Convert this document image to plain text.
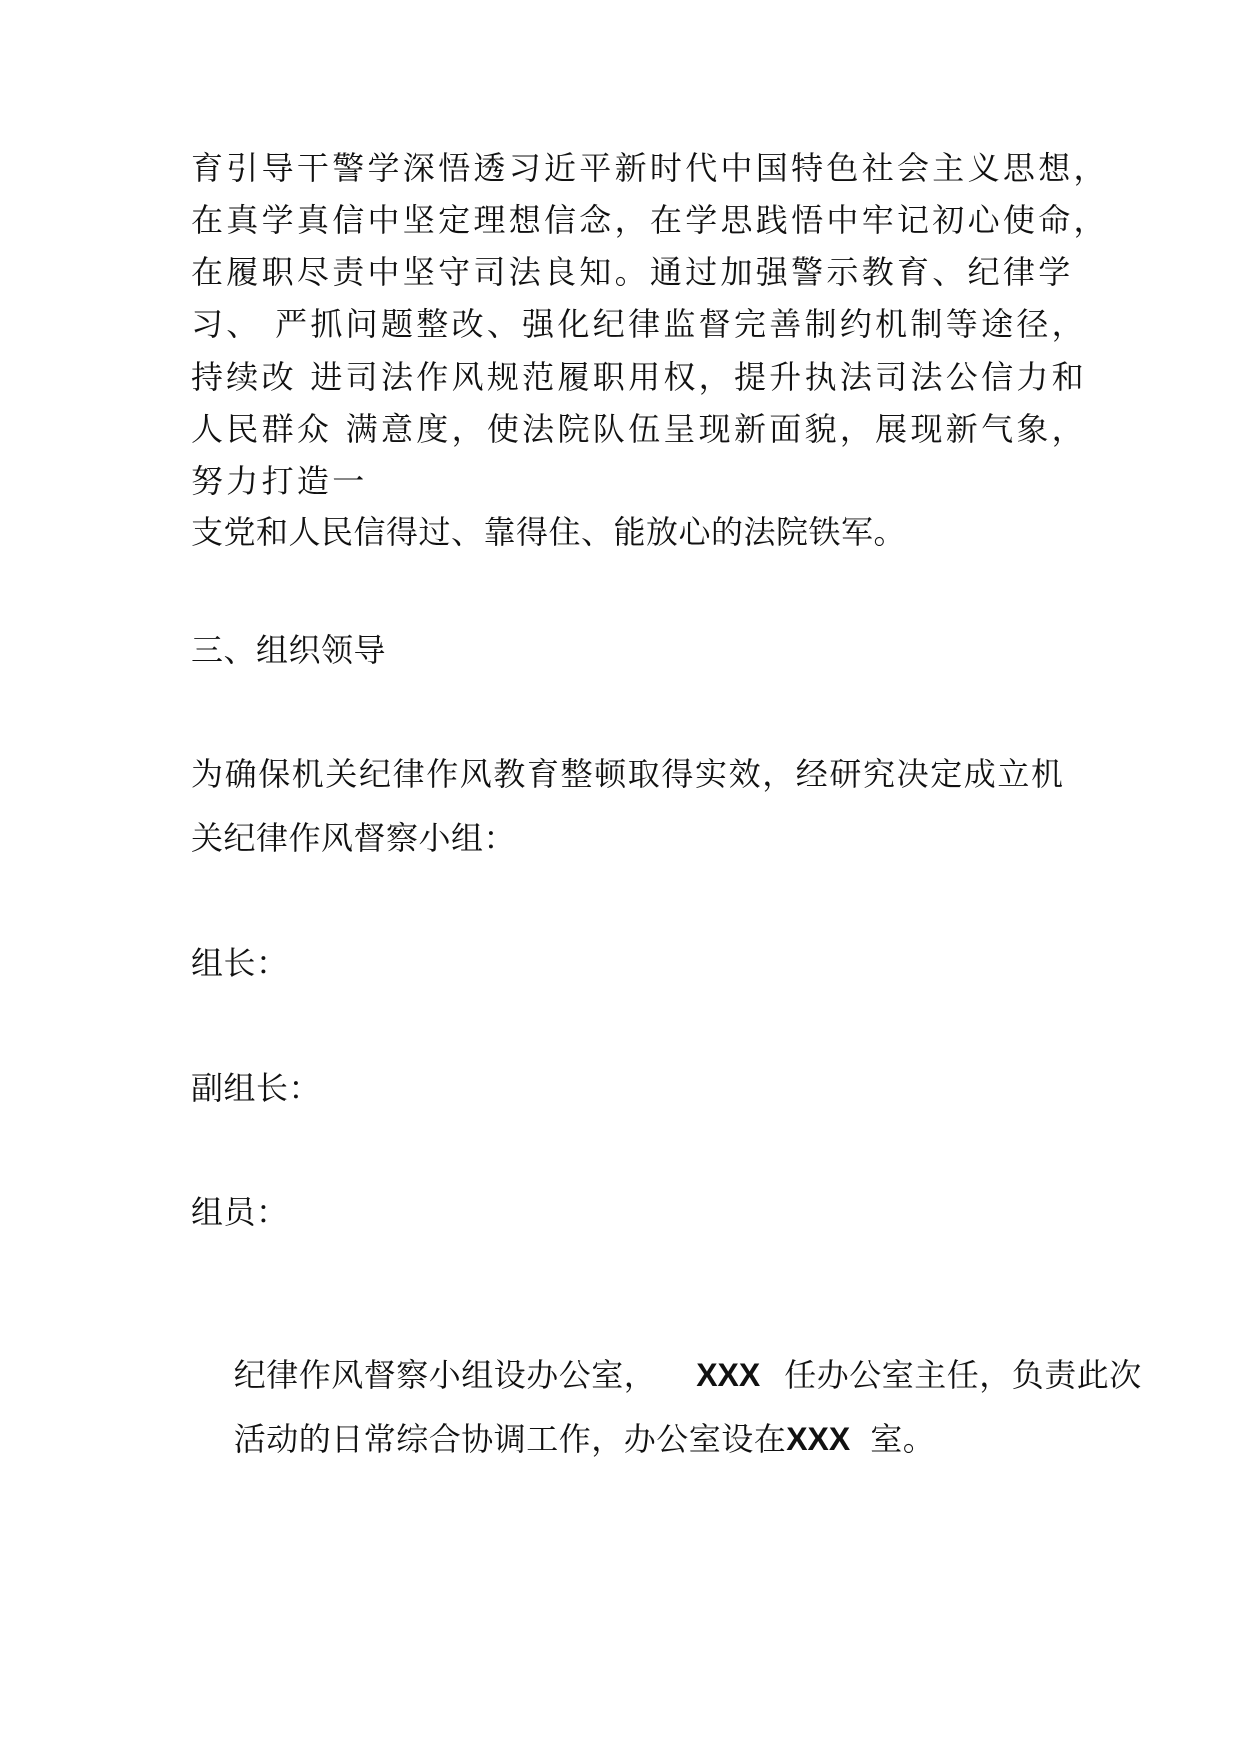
育引导干警学深悟透习近平新时代中国特色社会主义思想，
在真学真信中坚定理想信念，在学思践悟中牢记初心使命，
在履职尽责中坚守司法良知。通过加强警示教育、纪律学
习、 严抓问题整改、强化纪律监督完善制约机制等途径，
持续改 进司法作风规范履职用权，提升执法司法公信力和
人民群众 满意度，使法院队伍呈现新面貌，展现新气象，
努力打造一
支党和人民信得过、靠得住、能放心的法院铁军。
三、组织领导
为确保机关纪律作风教育整顿取得实效，经研究决定成立机
关纪律作风督察小组：
组长：
副组长：
组员：

纪律作风督察小组设办公室， XXX 任办公室主任，负责此次

活动的日常综合协调工作，办公室设在XXX 室。
